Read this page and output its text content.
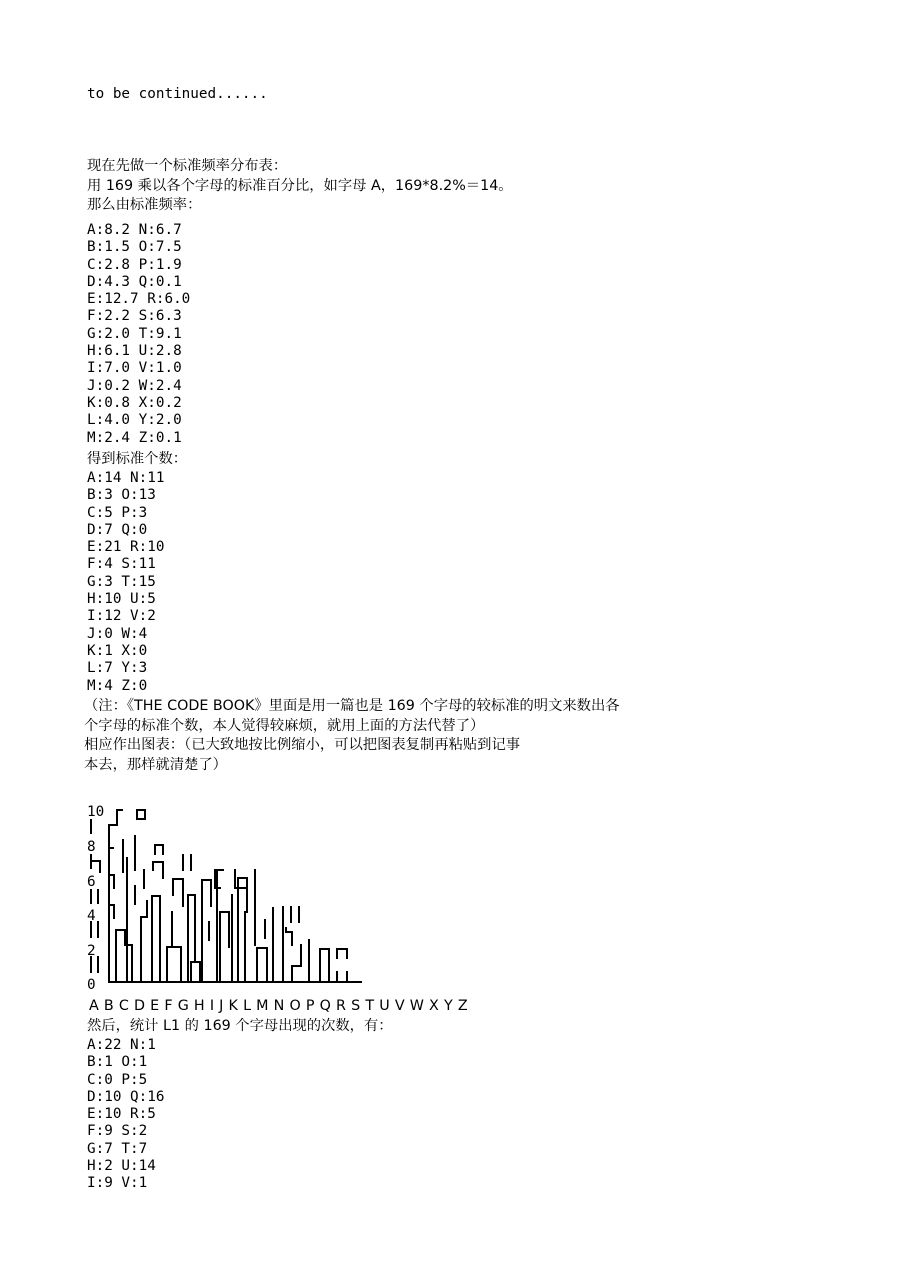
to be continued......
现在先做一个标准频率分布表：
用 169 乘以各个字母的标准百分比，如字母 A，169*8.2%＝14。
那么由标准频率：
A:8.2 N:6.7
B:1.5 O:7.5
C:2.8 P:1.9
D:4.3 Q:0.1
E:12.7 R:6.0
F:2.2 S:6.3
G:2.0 T:9.1
H:6.1 U:2.8
I:7.0 V:1.0
J:0.2 W:2.4
K:0.8 X:0.2
L:4.0 Y:2.0
M:2.4 Z:0.1
得到标准个数：
A:14 N:11
B:3 O:13
C:5 P:3
D:7 Q:0
E:21 R:10
F:4 S:11
G:3 T:15
H:10 U:5
I:12 V:2
J:0 W:4
K:1 X:0
L:7 Y:3
M:4 Z:0
（注：《THE CODE BOOK》里面是用一篇也是 169 个字母的较标准的明文来数出各
个字母的标准个数，本人觉得较麻烦，就用上面的方法代替了）
相应作出图表：（已大致地按比例缩小，可以把图表复制再粘贴到记事
本去，那样就清楚了）
10
8
6
4
2
0
A B C D E F G H I J K L M N O P Q R S T U V W X Y Z
然后，统计 L1 的 169 个字母出现的次数，有：
A:22 N:1
B:1 O:1
C:0 P:5
D:10 Q:16
E:10 R:5
F:9 S:2
G:7 T:7
H:2 U:14
I:9 V:1
